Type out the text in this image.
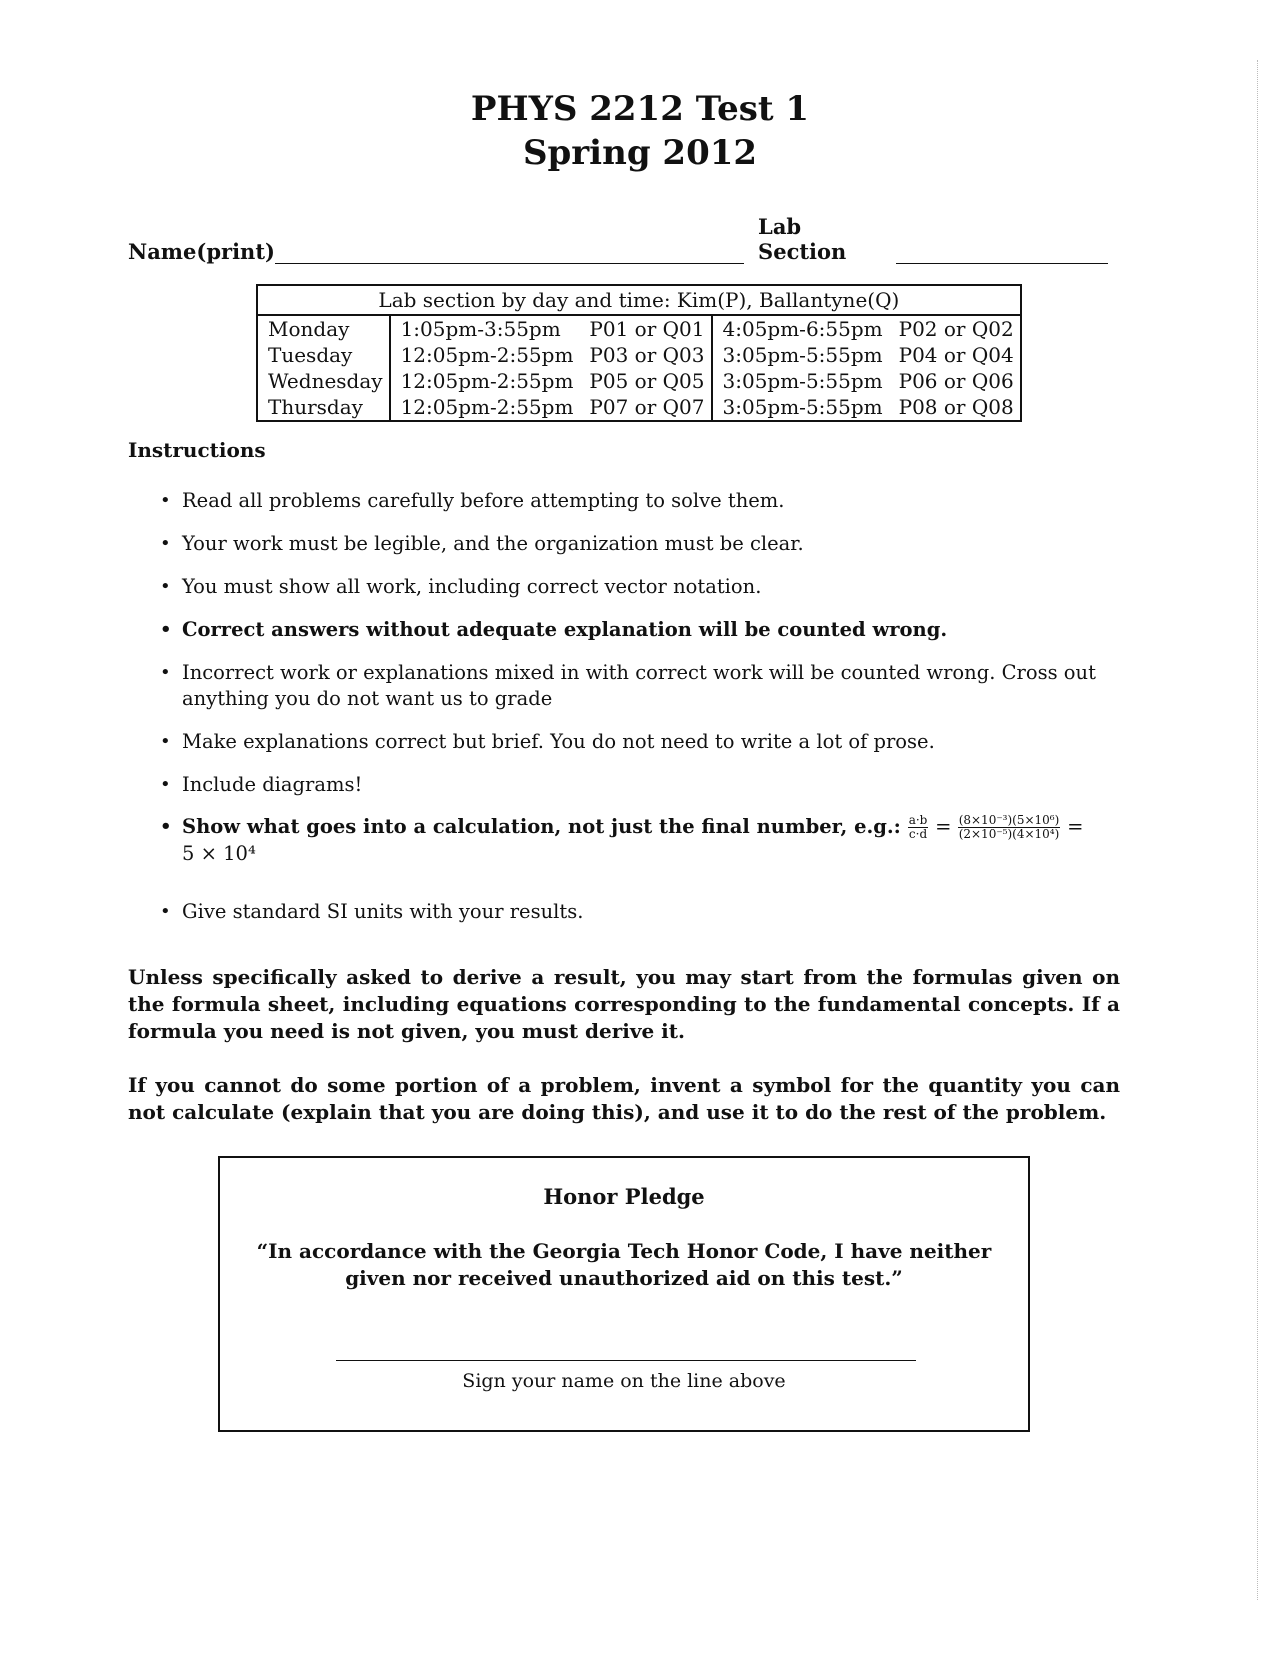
PHYS 2212 Test 1
Spring 2012
Name(print)
Lab Section
Lab section by day and time: Kim(P), Ballantyne(Q)				
Monday	1:05pm-3:55pm	P01 or Q01	4:05pm-6:55pm	P02 or Q02
Tuesday	12:05pm-2:55pm	P03 or Q03	3:05pm-5:55pm	P04 or Q04
Wednesday	12:05pm-2:55pm	P05 or Q05	3:05pm-5:55pm	P06 or Q06
Thursday	12:05pm-2:55pm	P07 or Q07	3:05pm-5:55pm	P08 or Q08
Instructions
• Read all problems carefully before attempting to solve them.
• Your work must be legible, and the organization must be clear.
• You must show all work, including correct vector notation.
• Correct answers without adequate explanation will be counted wrong.
• Incorrect work or explanations mixed in with correct work will be counted wrong. Cross out anything you do not want us to grade
• Make explanations correct but brief. You do not need to write a lot of prose.
• Include diagrams!
• Show what goes into a calculation, not just the final number, e.g.: $\frac{a\cdot b}{c\cdot d} = \frac{\text{(8×10⁻³)(5×10⁶)}}{\text{(2×10⁻⁵)(4×10⁴)}}$ =
5 × 10⁴
• Give standard SI units with your results.
Unless specifically asked to derive a result, you may start from the formulas given on the formula sheet, including equations corresponding to the fundamental concepts. If a formula you need is not given, you must derive it.
If you cannot do some portion of a problem, invent a symbol for the quantity you can not calculate (explain that you are doing this), and use it to do the rest of the problem.
Honor Pledge
“In accordance with the Georgia Tech Honor Code, I have neither given nor received unauthorized aid on this test.”
Sign your name on the line above
